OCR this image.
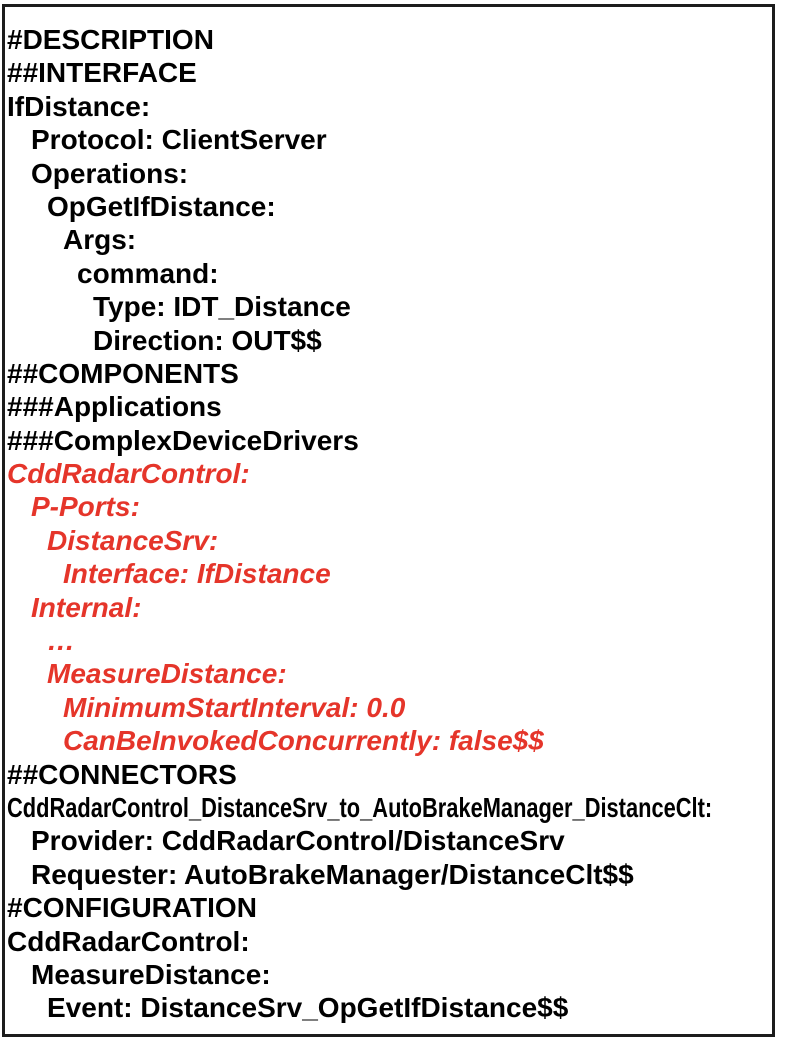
#DESCRIPTION
##INTERFACE
IfDistance:
Protocol: ClientServer
Operations:
OpGetIfDistance:
Args:
command:
Type: IDT_Distance
Direction: OUT$$
##COMPONENTS
###Applications
###ComplexDeviceDrivers
CddRadarControl:
P-Ports:
DistanceSrv:
Interface: IfDistance
Internal:
…
MeasureDistance:
MinimumStartInterval: 0.0
CanBeInvokedConcurrently: false$$
##CONNECTORS
CddRadarControl_DistanceSrv_to_AutoBrakeManager_DistanceClt:
Provider: CddRadarControl/DistanceSrv
Requester: AutoBrakeManager/DistanceClt$$
#CONFIGURATION
CddRadarControl:
MeasureDistance:
Event: DistanceSrv_OpGetIfDistance$$
